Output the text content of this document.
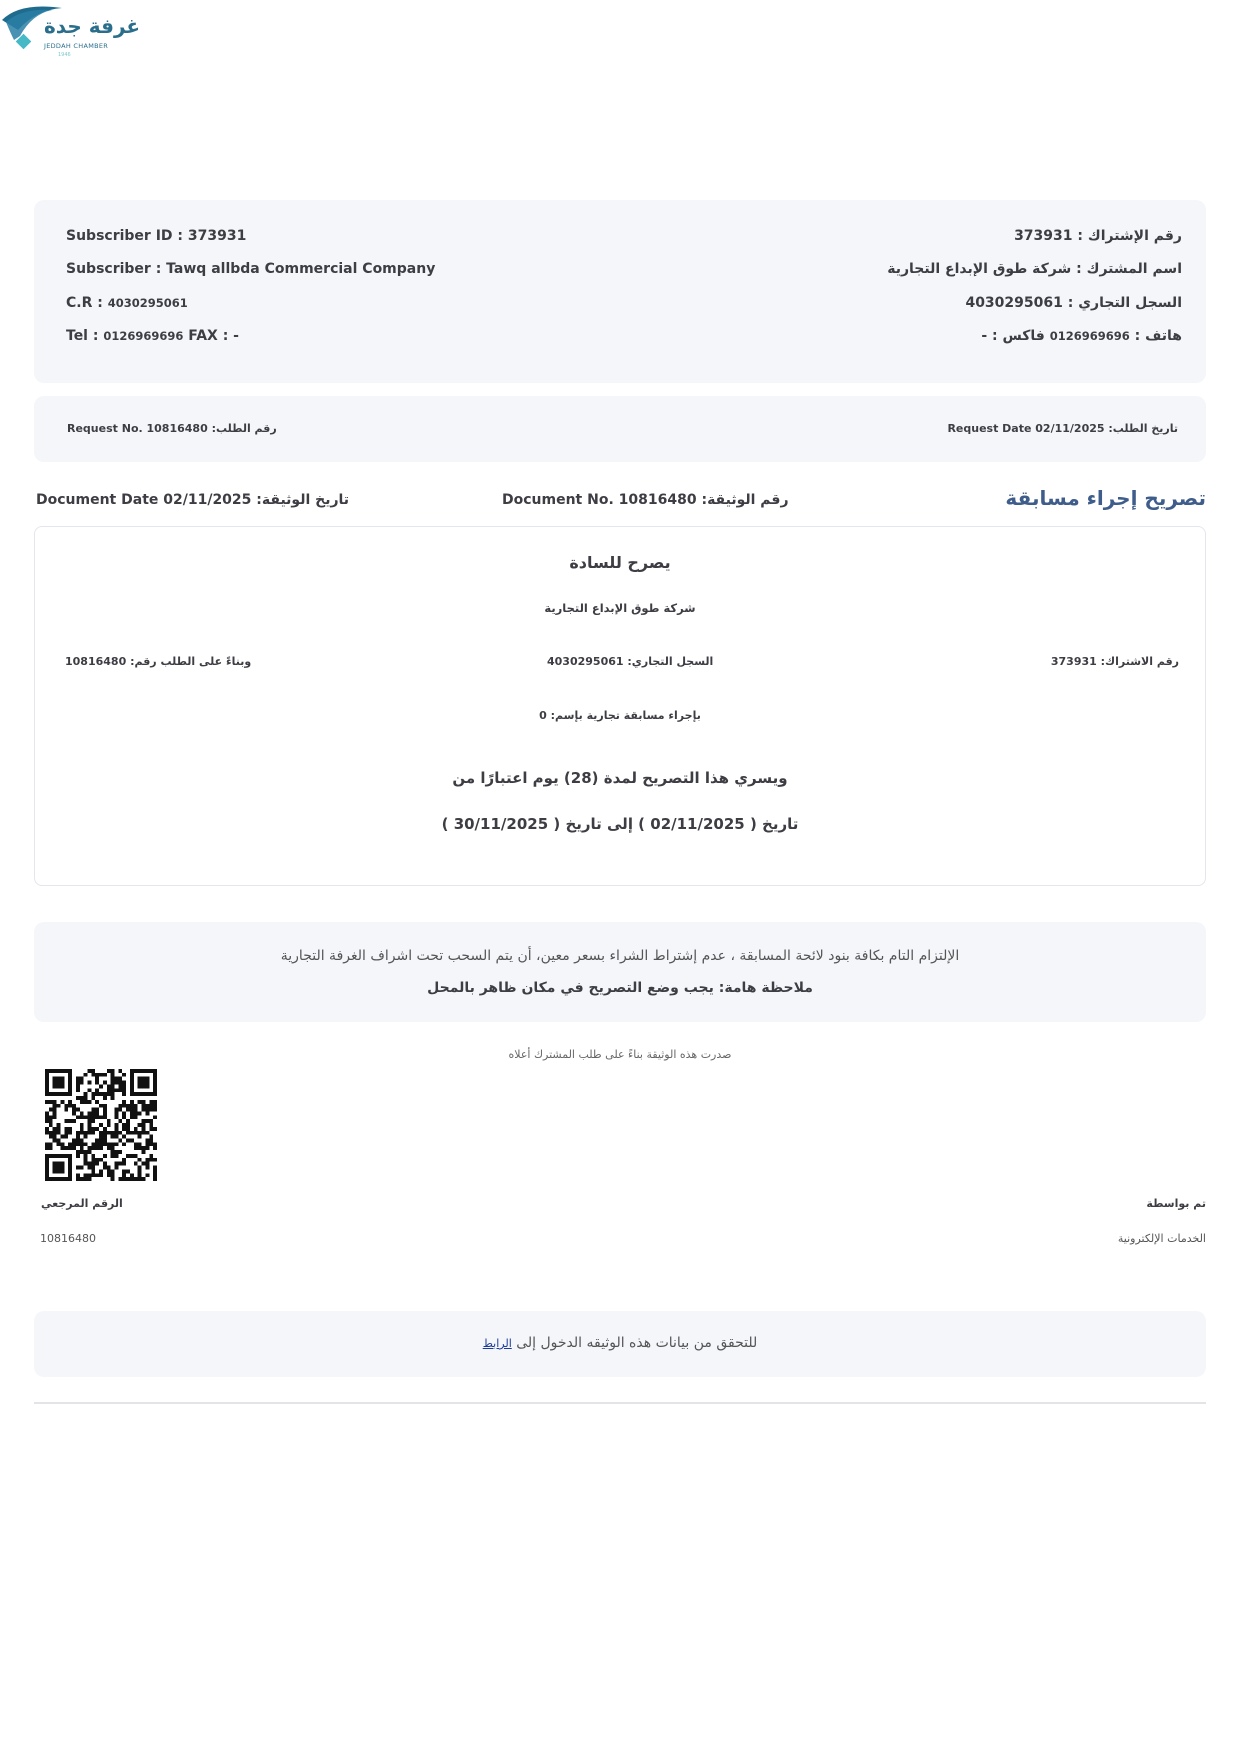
غرفة جدة
JEDDAH CHAMBER
1946
Subscriber ID : 373931
Subscriber : Tawq allbda Commercial Company
C.R : 4030295061
Tel : 0126969696 FAX : -
رقم الإشتراك : 373931
اسم المشترك : شركة طوق الإبداع التجارية
السجل التجاري : 4030295061
هاتف : 0126969696 فاكس : -
Request No. 10816480 :رقم الطلب	Request Date 02/11/2025 :تاريخ الطلب
Document Date 02/11/2025 :تاريخ الوثيقة	Document No. 10816480 :رقم الوثيقة	تصريح إجراء مسابقة
يصرح للسادة
شركة طوق الإبداع التجارية
رقم الاشتراك: 373931
السجل التجاري: 4030295061
وبناءً على الطلب رقم: 10816480
بإجراء مسابقة تجارية بإسم: 0
ويسري هذا التصريح لمدة (28) يوم اعتبارًا من
تاريخ ( 02/11/2025 ) إلى تاريخ ( 30/11/2025 )
الإلتزام التام بكافة بنود لائحة المسابقة ، عدم إشتراط الشراء بسعر معين، أن يتم السحب تحت اشراف الغرفة التجارية
ملاحظة هامة: يجب وضع التصريح في مكان ظاهر بالمحل
صدرت هذه الوثيقة بناءً على طلب المشترك أعلاه
الرقم المرجعي
10816480
تم بواسطة
الخدمات الإلكترونية
للتحقق من بيانات هذه الوثيقه الدخول إلى الرابط
